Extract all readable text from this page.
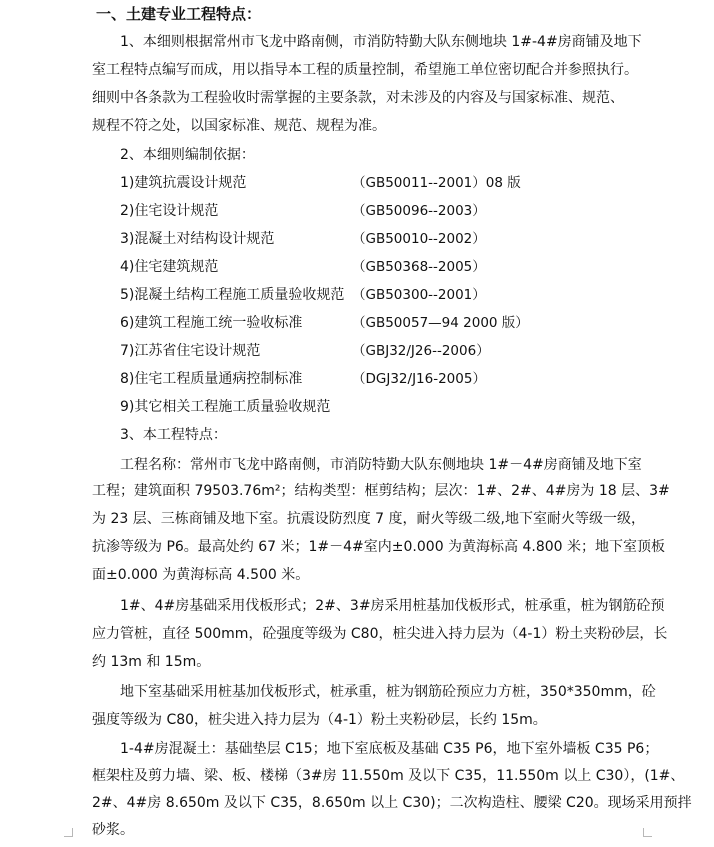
一、土建专业工程特点：
1、本细则根据常州市飞龙中路南侧，市消防特勤大队东侧地块 1#-4#房商铺及地下
室工程特点编写而成，用以指导本工程的质量控制，希望施工单位密切配合并参照执行。
细则中各条款为工程验收时需掌握的主要条款，对未涉及的内容及与国家标准、规范、
规程不符之处，以国家标准、规范、规程为准。
2、本细则编制依据：
1)建筑抗震设计规范	（GB50011--2001）08 版
2)住宅设计规范	（GB50096--2003）
3)混凝土对结构设计规范	（GB50010--2002）
4)住宅建筑规范	（GB50368--2005）
5)混凝土结构工程施工质量验收规范 （GB50300--2001）
6)建筑工程施工统一验收标准	（GB50057—94 2000 版）
7)江苏省住宅设计规范	（GBJ32/J26--2006）
8)住宅工程质量通病控制标准	（DGJ32/J16-2005）
9)其它相关工程施工质量验收规范
3、本工程特点：
工程名称：常州市飞龙中路南侧，市消防特勤大队东侧地块 1#－4#房商铺及地下室
工程；建筑面积 79503.76m²；结构类型：框剪结构；层次：1#、2#、4#房为 18 层、3#
为 23 层、三栋商铺及地下室。抗震设防烈度 7 度，耐火等级二级,地下室耐火等级一级，
抗渗等级为 P6。最高处约 67 米；1#－4#室内±0.000 为黄海标高 4.800 米；地下室顶板
面±0.000 为黄海标高 4.500 米。
1#、4#房基础采用伐板形式；2#、3#房采用桩基加伐板形式，桩承重，桩为钢筋砼预
应力管桩，直径 500mm，砼强度等级为 C80，桩尖进入持力层为（4-1）粉土夹粉砂层，长
约 13m 和 15m。
地下室基础采用桩基加伐板形式，桩承重，桩为钢筋砼预应力方桩，350*350mm，砼
强度等级为 C80，桩尖进入持力层为（4-1）粉土夹粉砂层，长约 15m。
1-4#房混凝土：基础垫层 C15；地下室底板及基础 C35 P6，地下室外墙板 C35 P6；
框架柱及剪力墙、梁、板、楼梯（3#房 11.550m 及以下 C35，11.550m 以上 C30），(1#、
2#、4#房 8.650m 及以下 C35，8.650m 以上 C30)；二次构造柱、腰梁 C20。现场采用预拌
砂浆。
